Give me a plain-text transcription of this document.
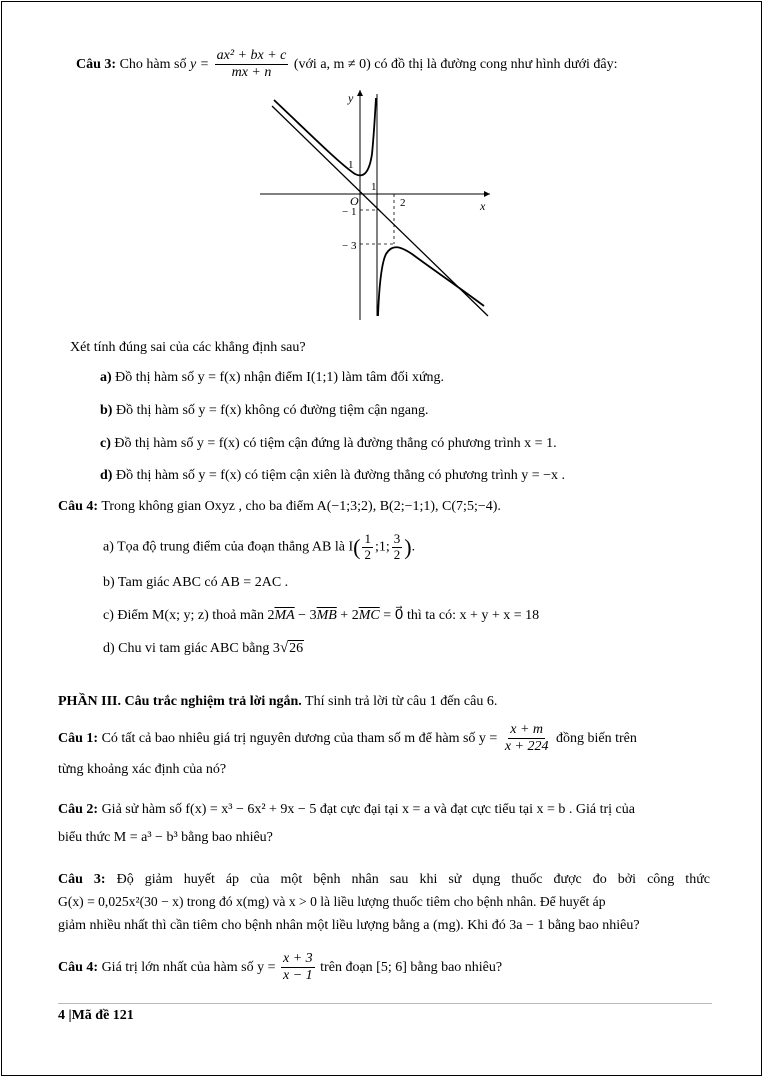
Câu 3: Cho hàm số $y = \frac{\text{ax² + bx + c}}{mx + n}$ (với a, m ≠ 0) có đồ thị là đường cong như hình dưới đây:
y
x
O
1
1
2
− 1
− 3
Xét tính đúng sai của các khẳng định sau?
a) Đồ thị hàm số y = f(x) nhận điểm I(1;1) làm tâm đối xứng.
b) Đồ thị hàm số y = f(x) không có đường tiệm cận ngang.
c) Đồ thị hàm số y = f(x) có tiệm cận đứng là đường thẳng có phương trình x = 1.
d) Đồ thị hàm số y = f(x) có tiệm cận xiên là đường thẳng có phương trình y = −x .
Câu 4: Trong không gian Oxyz , cho ba điểm A(−1;3;2), B(2;−1;1), C(7;5;−4).
a) Tọa độ trung điểm của đoạn thẳng AB là $I( \frac{1}{2}$ ;1; $\frac{3}{2}$ ).
b) Tam giác ABC có AB = 2AC .
c) Điểm M(x; y; z) thoả mãn $2\overline{MA} - 3\overline{MB} + 2\overline{MC}$ = 0⃗ thì ta có: x + y + x = 18
d) Chu vi tam giác ABC bằng 3√26
PHẦN III. Câu trắc nghiệm trả lời ngắn. Thí sinh trả lời từ câu 1 đến câu 6.
Câu 1: Có tất cả bao nhiêu giá trị nguyên dương của tham số m để hàm số $y = \frac{x + m}{x + 224}$ đồng biến trên
từng khoảng xác định của nó?
Câu 2: Giả sử hàm số f(x) = x³ − 6x² + 9x − 5 đạt cực đại tại x = a và đạt cực tiểu tại x = b . Giá trị của
biểu thức M = a³ − b³ bằng bao nhiêu?
Câu 3: Độ giảm huyết áp của một bệnh nhân sau khi sử dụng thuốc được đo bởi công thức
G(x) = 0,025x²(30 − x) trong đó x(mg) và x > 0 là liều lượng thuốc tiêm cho bệnh nhân. Để huyết áp
giảm nhiều nhất thì cần tiêm cho bệnh nhân một liều lượng bằng a (mg). Khi đó 3a − 1 bằng bao nhiêu?
Câu 4: Giá trị lớn nhất của hàm số $y = \frac{x + 3}{x - 1}$ trên đoạn [5; 6] bằng bao nhiêu?
4 |Mã đề 121
